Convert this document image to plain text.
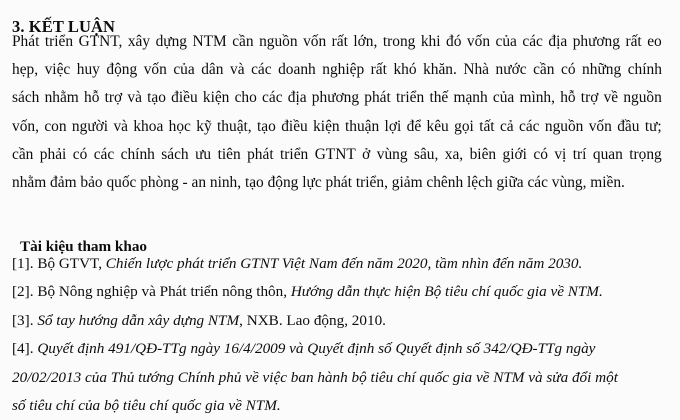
3. KẾT LUẬN
Phát triển GTNT, xây dựng NTM cần nguồn vốn rất lớn, trong khi đó vốn của các địa phương rất eo
hẹp, việc huy động vốn của dân và các doanh nghiệp rất khó khăn. Nhà nước cần có những chính
sách nhằm hỗ trợ và tạo điều kiện cho các địa phương phát triển thế mạnh của mình, hỗ trợ về nguồn
vốn, con người và khoa học kỹ thuật, tạo điều kiện thuận lợi để kêu gọi tất cả các nguồn vốn đầu tư;
cần phải có các chính sách ưu tiên phát triển GTNT ở vùng sâu, xa, biên giới có vị trí quan trọng
nhằm đảm bảo quốc phòng - an ninh, tạo động lực phát triển, giảm chênh lệch giữa các vùng, miền.
Tài kiệu tham khao
[1]. Bộ GTVT, Chiến lược phát triển GTNT Việt Nam đến năm 2020, tầm nhìn đến năm 2030.
[2]. Bộ Nông nghiệp và Phát triển nông thôn, Hướng dẫn thực hiện Bộ tiêu chí quốc gia về NTM.
[3]. Sổ tay hướng dẫn xây dựng NTM, NXB. Lao động, 2010.
[4]. Quyết định 491/QĐ-TTg ngày 16/4/2009 và Quyết định số Quyết định số 342/QĐ-TTg ngày
20/02/2013 của Thủ tướng Chính phủ về việc ban hành bộ tiêu chí quốc gia về NTM và sửa đổi một
số tiêu chí của bộ tiêu chí quốc gia về NTM.
